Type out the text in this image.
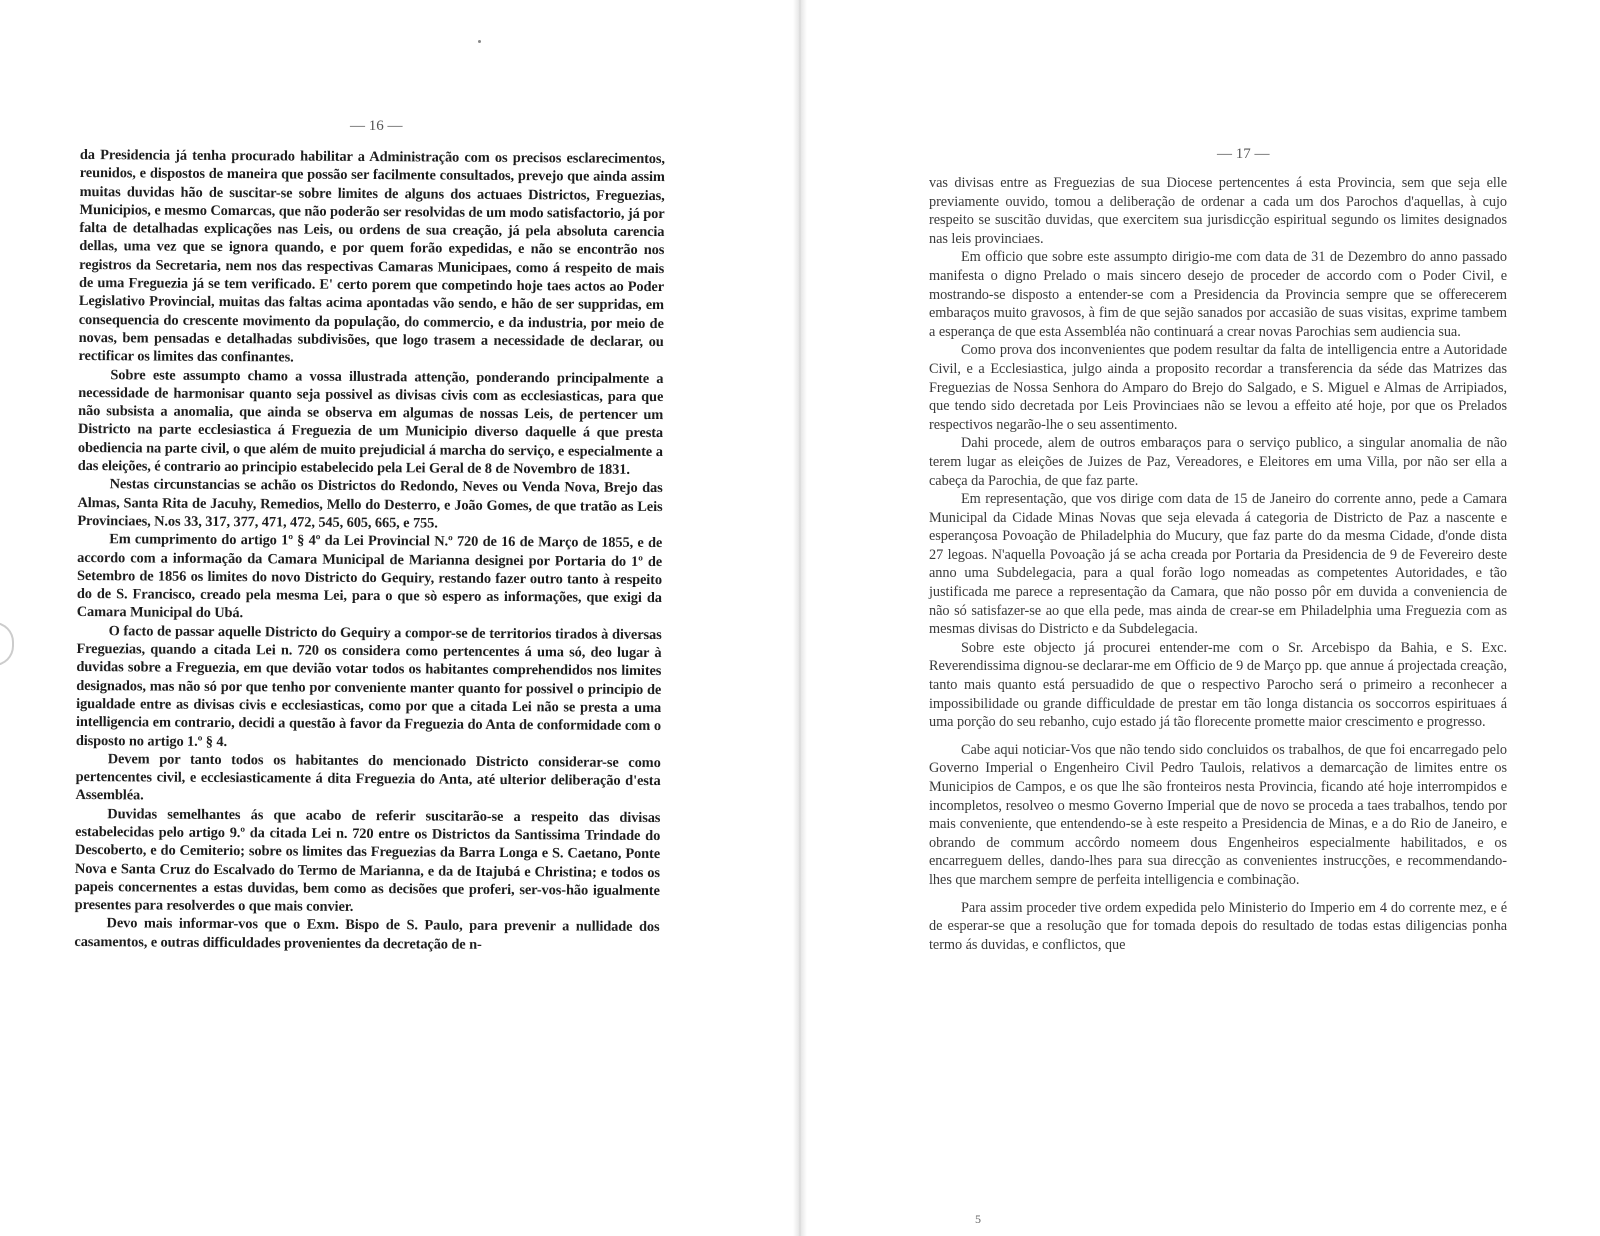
— 16 —

da Presidencia já tenha procurado habilitar a Administração com os precisos esclarecimentos, reunidos, e dispostos de maneira que possão ser facilmente consultados, prevejo que ainda assim muitas duvidas hão de suscitar-se sobre limites de alguns dos actuaes Districtos, Freguezias, Municipios, e mesmo Comarcas, que não poderão ser resolvidas de um modo satisfactorio, já por falta de detalhadas explicações nas Leis, ou ordens de sua creação, já pela absoluta carencia dellas, uma vez que se ignora quando, e por quem forão expedidas, e não se encontrão nos registros da Secretaria, nem nos das respectivas Camaras Municipaes, como á respeito de mais de uma Freguezia já se tem verificado. E' certo porem que competindo hoje taes actos ao Poder Legislativo Provincial, muitas das faltas acima apontadas vão sendo, e hão de ser suppridas, em consequencia do crescente movimento da população, do commercio, e da industria, por meio de novas, bem pensadas e detalhadas subdivisões, que logo trasem a necessidade de declarar, ou rectificar os limites das confinantes.

Sobre este assumpto chamo a vossa illustrada attenção, ponderando principalmente a necessidade de harmonisar quanto seja possivel as divisas civis com as ecclesiasticas, para que não subsista a anomalia, que ainda se observa em algumas de nossas Leis, de pertencer um Districto na parte ecclesiastica á Freguezia de um Municipio diverso daquelle á que presta obediencia na parte civil, o que além de muito prejudicial á marcha do serviço, e especialmente a das eleições, é contrario ao principio estabelecido pela Lei Geral de 8 de Novembro de 1831.

Nestas circunstancias se achão os Districtos do Redondo, Neves ou Venda Nova, Brejo das Almas, Santa Rita de Jacuhy, Remedios, Mello do Desterro, e João Gomes, de que tratão as Leis Provinciaes, N.os 33, 317, 377, 471, 472, 545, 605, 665, e 755.

Em cumprimento do artigo 1º § 4º da Lei Provincial N.º 720 de 16 de Março de 1855, e de accordo com a informação da Camara Municipal de Marianna designei por Portaria do 1º de Setembro de 1856 os limites do novo Districto do Gequiry, restando fazer outro tanto à respeito do de S. Francisco, creado pela mesma Lei, para o que sò espero as informações, que exigi da Camara Municipal do Ubá.

O facto de passar aquelle Districto do Gequiry a compor-se de territorios tirados à diversas Freguezias, quando a citada Lei n. 720 os considera como pertencentes á uma só, deo lugar à duvidas sobre a Freguezia, em que devião votar todos os habitantes comprehendidos nos limites designados, mas não só por que tenho por conveniente manter quanto for possivel o principio de igualdade entre as divisas civis e ecclesiasticas, como por que a citada Lei não se presta a uma intelligencia em contrario, decidi a questão à favor da Freguezia do Anta de conformidade com o disposto no artigo 1.º § 4.

Devem por tanto todos os habitantes do mencionado Districto considerar-se como pertencentes civil, e ecclesiasticamente á dita Freguezia do Anta, até ulterior deliberação d'esta Assembléa.

Duvidas semelhantes ás que acabo de referir suscitarão-se a respeito das divisas estabelecidas pelo artigo 9.º da citada Lei n. 720 entre os Districtos da Santissima Trindade do Descoberto, e do Cemiterio; sobre os limites das Freguezias da Barra Longa e S. Caetano, Ponte Nova e Santa Cruz do Escalvado do Termo de Marianna, e da de Itajubá e Christina; e todos os papeis concernentes a estas duvidas, bem como as decisões que proferi, ser-vos-hão igualmente presentes para resolverdes o que mais convier.

Devo mais informar-vos que o Exm. Bispo de S. Paulo, para prevenir a nullidade dos casamentos, e outras difficuldades provenientes da decretação de n-

— 17 —

vas divisas entre as Freguezias de sua Diocese pertencentes á esta Provincia, sem que seja elle previamente ouvido, tomou a deliberação de ordenar a cada um dos Parochos d'aquellas, à cujo respeito se suscitão duvidas, que exercitem sua jurisdicção espiritual segundo os limites designados nas leis provinciaes.

Em officio que sobre este assumpto dirigio-me com data de 31 de Dezembro do anno passado manifesta o digno Prelado o mais sincero desejo de proceder de accordo com o Poder Civil, e mostrando-se disposto a entender-se com a Presidencia da Provincia sempre que se offerecerem embaraços muito gravosos, à fim de que sejão sanados por accasião de suas visitas, exprime tambem a esperança de que esta Assembléa não continuará a crear novas Parochias sem audiencia sua.

Como prova dos inconvenientes que podem resultar da falta de intelligencia entre a Autoridade Civil, e a Ecclesiastica, julgo ainda a proposito recordar a transferencia da séde das Matrizes das Freguezias de Nossa Senhora do Amparo do Brejo do Salgado, e S. Miguel e Almas de Arripiados, que tendo sido decretada por Leis Provinciaes não se levou a effeito até hoje, por que os Prelados respectivos negarão-lhe o seu assentimento.

Dahi procede, alem de outros embaraços para o serviço publico, a singular anomalia de não terem lugar as eleições de Juizes de Paz, Vereadores, e Eleitores em uma Villa, por não ser ella a cabeça da Parochia, de que faz parte.

Em representação, que vos dirige com data de 15 de Janeiro do corrente anno, pede a Camara Municipal da Cidade Minas Novas que seja elevada á categoria de Districto de Paz a nascente e esperançosa Povoação de Philadelphia do Mucury, que faz parte do da mesma Cidade, d'onde dista 27 legoas. N'aquella Povoação já se acha creada por Portaria da Presidencia de 9 de Fevereiro deste anno uma Subdelegacia, para a qual forão logo nomeadas as competentes Autoridades, e tão justificada me parece a representação da Camara, que não posso pôr em duvida a conveniencia de não só satisfazer-se ao que ella pede, mas ainda de crear-se em Philadelphia uma Freguezia com as mesmas divisas do Districto e da Subdelegacia.

Sobre este objecto já procurei entender-me com o Sr. Arcebispo da Bahia, e S. Exc. Reverendissima dignou-se declarar-me em Officio de 9 de Março pp. que annue á projectada creação, tanto mais quanto está persuadido de que o respectivo Parocho será o primeiro a reconhecer a impossibilidade ou grande difficuldade de prestar em tão longa distancia os soccorros espirituaes á uma porção do seu rebanho, cujo estado já tão florecente promette maior crescimento e progresso.

Cabe aqui noticiar-Vos que não tendo sido concluidos os trabalhos, de que foi encarregado pelo Governo Imperial o Engenheiro Civil Pedro Taulois, relativos a demarcação de limites entre os Municipios de Campos, e os que lhe são fronteiros nesta Provincia, ficando até hoje interrompidos e incompletos, resolveo o mesmo Governo Imperial que de novo se proceda a taes trabalhos, tendo por mais conveniente, que entendendo-se à este respeito a Presidencia de Minas, e a do Rio de Janeiro, e obrando de commum accôrdo nomeem dous Engenheiros especialmente habilitados, e os encarreguem delles, dando-lhes para sua direcção as convenientes instrucções, e recommendando-lhes que marchem sempre de perfeita intelligencia e combinação.

Para assim proceder tive ordem expedida pelo Ministerio do Imperio em 4 do corrente mez, e é de esperar-se que a resolução que for tomada depois do resultado de todas estas diligencias ponha termo ás duvidas, e conflictos, que

5
